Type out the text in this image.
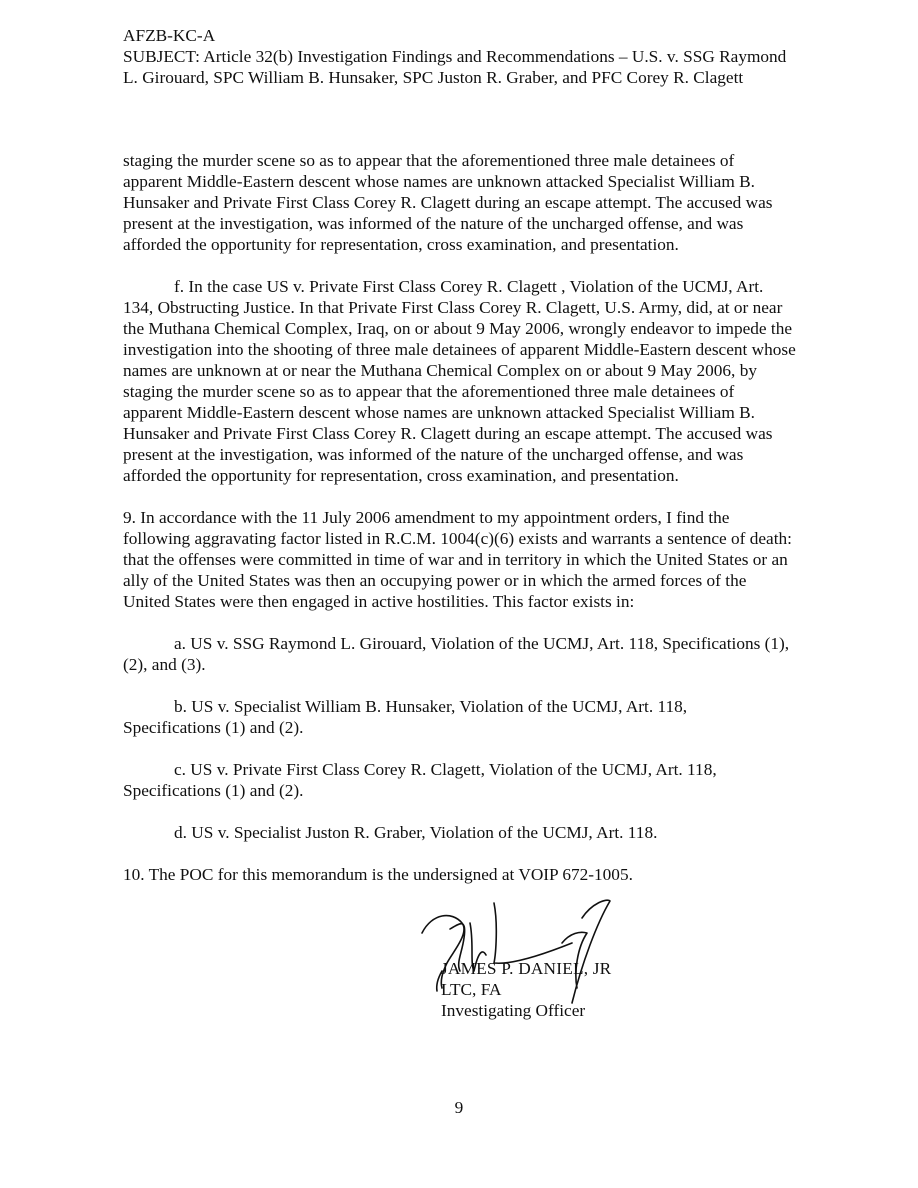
AFZB-KC-A

SUBJECT: Article 32(b) Investigation Findings and Recommendations – U.S. v. SSG Raymond

L. Girouard, SPC William B. Hunsaker, SPC Juston R. Graber, and PFC Corey R. Clagett

staging the murder scene so as to appear that the aforementioned three male detainees of apparent Middle-Eastern descent whose names are unknown attacked Specialist William B. Hunsaker and Private First Class Corey R. Clagett during an escape attempt. The accused was present at the investigation, was informed of the nature of the uncharged offense, and was afforded the opportunity for representation, cross examination, and presentation.

f. In the case US v. Private First Class Corey R. Clagett , Violation of the UCMJ, Art. 134, Obstructing Justice. In that Private First Class Corey R. Clagett, U.S. Army, did, at or near the Muthana Chemical Complex, Iraq, on or about 9 May 2006, wrongly endeavor to impede the investigation into the shooting of three male detainees of apparent Middle-Eastern descent whose names are unknown at or near the Muthana Chemical Complex on or about 9 May 2006, by staging the murder scene so as to appear that the aforementioned three male detainees of apparent Middle-Eastern descent whose names are unknown attacked Specialist William B. Hunsaker and Private First Class Corey R. Clagett during an escape attempt. The accused was present at the investigation, was informed of the nature of the uncharged offense, and was afforded the opportunity for representation, cross examination, and presentation.

9. In accordance with the 11 July 2006 amendment to my appointment orders, I find the following aggravating factor listed in R.C.M. 1004(c)(6) exists and warrants a sentence of death: that the offenses were committed in time of war and in territory in which the United States or an ally of the United States was then an occupying power or in which the armed forces of the United States were then engaged in active hostilities. This factor exists in:

a. US v. SSG Raymond L. Girouard, Violation of the UCMJ, Art. 118, Specifications (1),(2), and (3).

b. US v. Specialist William B. Hunsaker, Violation of the UCMJ, Art. 118, Specifications (1) and (2).

c. US v. Private First Class Corey R. Clagett, Violation of the UCMJ, Art. 118, Specifications (1) and (2).

d. US v. Specialist Juston R. Graber, Violation of the UCMJ, Art. 118.

10. The POC for this memorandum is the undersigned at VOIP 672-1005.

JAMES P. DANIEL, JR

LTC, FA

Investigating Officer

9
